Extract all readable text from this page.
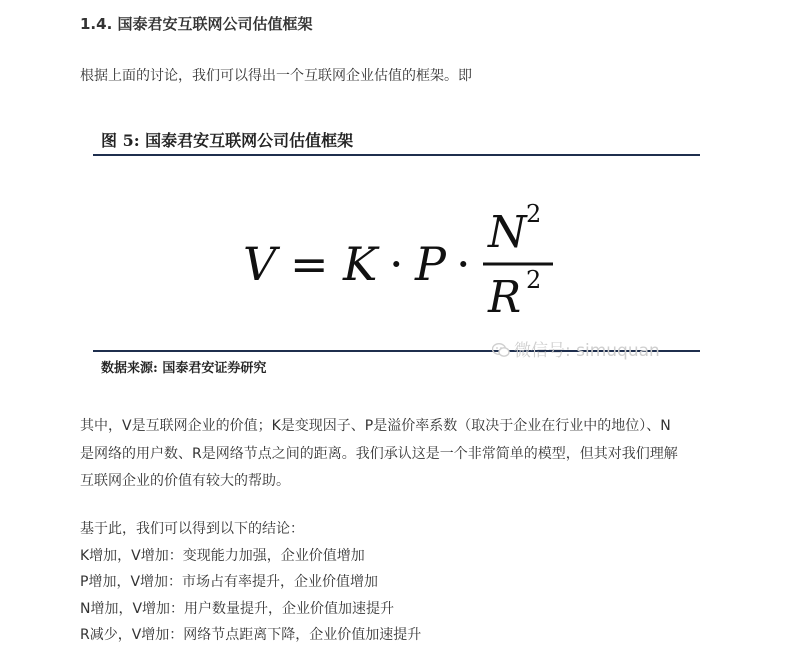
1.4. 国泰君安互联网公司估值框架
根据上面的讨论，我们可以得出一个互联网企业估值的框架。即
图 5: 国泰君安互联网公司估值框架
V = K · P ·
N 2
R 2
数据来源: 国泰君安证券研究
微信号: simuquan
其中，V是互联网企业的价值；K是变现因子、P是溢价率系数（取决于企业在行业中的地位）、N
是网络的用户数、R是网络节点之间的距离。我们承认这是一个非常简单的模型，但其对我们理解
互联网企业的价值有较大的帮助。
基于此，我们可以得到以下的结论：
K增加，V增加：变现能力加强，企业价值增加
P增加，V增加：市场占有率提升，企业价值增加
N增加，V增加：用户数量提升，企业价值加速提升
R减少，V增加：网络节点距离下降，企业价值加速提升
